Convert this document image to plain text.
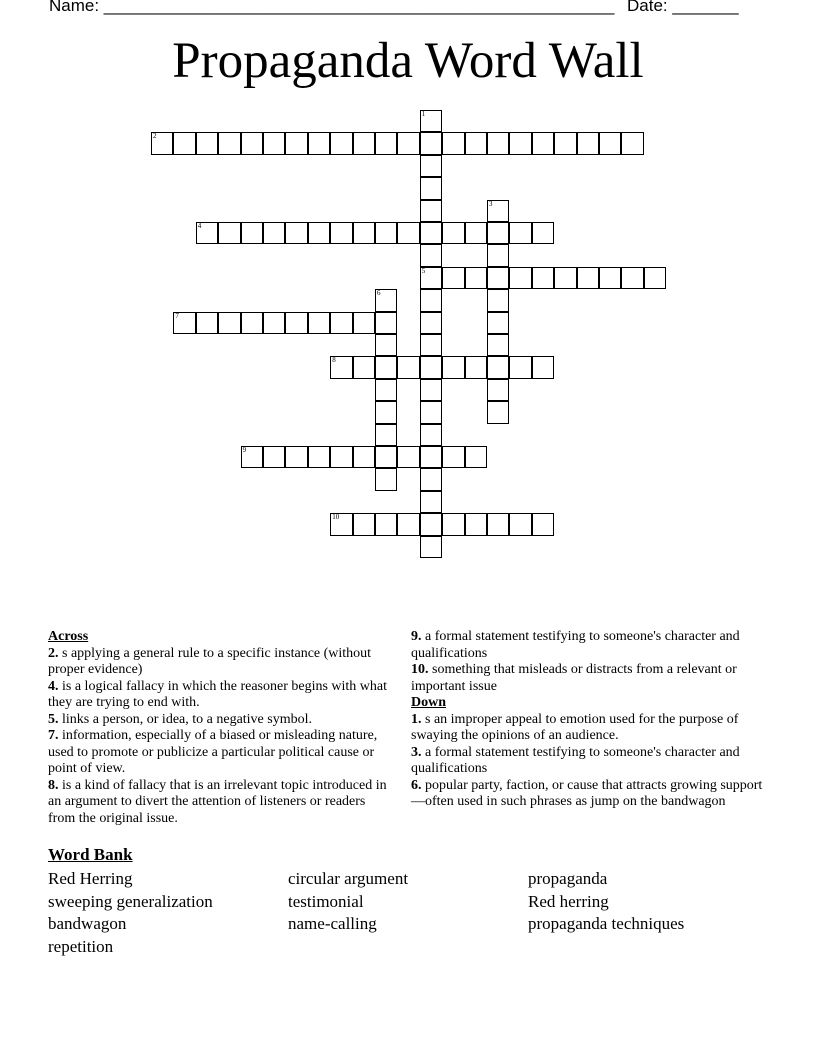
Name: ______________________________________________________ Date: _______
Propaganda Word Wall
1
5
2
3
4
6
7
8
9
10
Across
2. s applying a general rule to a specific instance (without proper evidence)
4. is a logical fallacy in which the reasoner begins with what they are trying to end with.
5. links a person, or idea, to a negative symbol.
7. information, especially of a biased or misleading nature, used to promote or publicize a particular political cause or point of view.
8. is a kind of fallacy that is an irrelevant topic introduced in an argument to divert the attention of listeners or readers from the original issue.
9. a formal statement testifying to someone's character and qualifications
10. something that misleads or distracts from a relevant or important issue
Down
1. s an improper appeal to emotion used for the purpose of swaying the opinions of an audience.
3. a formal statement testifying to someone's character and qualifications
6. popular party, faction, or cause that attracts growing support —often used in such phrases as jump on the bandwagon
Word Bank
Red Herring	circular argument	propaganda
sweeping generalization	testimonial	Red herring
bandwagon	name-calling	propaganda techniques
repetition
